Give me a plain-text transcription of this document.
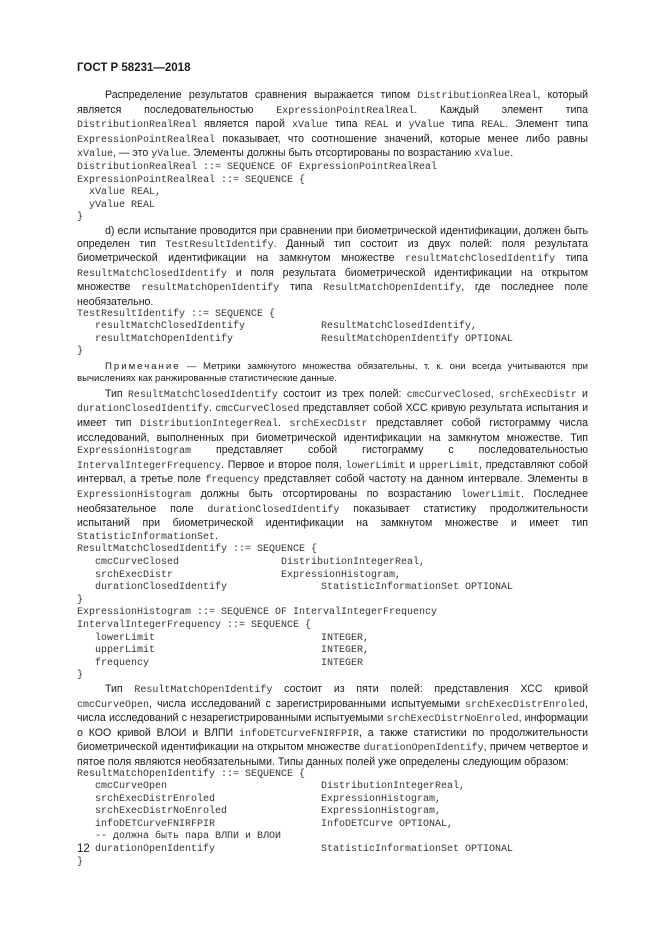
ГОСТ Р 58231—2018

Распределение результатов сравнения выражается типом DistributionRealReal, который является последовательностью ExpressionPointRealReal. Каждый элемент типа DistributionRealReal является парой xValue типа REAL и yValue типа REAL. Элемент типа ExpressionPointRealReal показывает, что соотношение значений, которые менее либо равны xValue, — это yValue. Элементы должны быть отсортированы по возрастанию xValue.

DistributionRealReal ::= SEQUENCE OF ExpressionPointRealReal
ExpressionPointRealReal ::= SEQUENCE {
xValue REAL,
yValue REAL
}

d) если испытание проводится при сравнении при биометрической идентификации, должен быть определен тип TestResultIdentify. Данный тип состоит из двух полей: поля результата биометрической идентификации на замкнутом множестве resultMatchClosedIdentify типа ResultMatchClosedIdentify и поля результата биометрической идентификации на открытом множестве resultMatchOpenIdentify типа ResultMatchOpenIdentify, где последнее поле необязательно.

TestResultIdentify ::= SEQUENCE {
resultMatchClosedIdentify	ResultMatchClosedIdentify,
resultMatchOpenIdentify	ResultMatchOpenIdentify OPTIONAL
}

Примечание — Метрики замкнутого множества обязательны, т. к. они всегда учитываются при вычислениях как ранжированные статистические данные.

Тип ResultMatchClosedIdentify состоит из трех полей: cmcCurveClosed, srchExecDistr и durationClosedIdentify. cmcCurveClosed представляет собой ХСС кривую результата испытания и имеет тип DistributionIntegerReal. srchExecDistr представляет собой гистограмму числа исследований, выполненных при биометрической идентификации на замкнутом множестве. Тип ExpressionHistogram представляет собой гистограмму с последовательностью IntervalIntegerFrequency. Первое и второе поля, lowerLimit и upperLimit, представляют собой интервал, а третье поле frequency представляет собой частоту на данном интервале. Элементы в ExpressionHistogram должны быть отсортированы по возрастанию lowerLimit. Последнее необязательное поле durationClosedIdentify показывает статистику продолжительности испытаний при биометрической идентификации на замкнутом множестве и имеет тип StatisticInformationSet.

ResultMatchClosedIdentify ::= SEQUENCE {
cmcCurveClosed	DistributionIntegerReal,
srchExecDistr	ExpressionHistogram,
durationClosedIdentify	StatisticInformationSet OPTIONAL
}
ExpressionHistogram ::= SEQUENCE OF IntervalIntegerFrequency
IntervalIntegerFrequency ::= SEQUENCE {
lowerLimit	INTEGER,
upperLimit	INTEGER,
frequency	INTEGER
}

Тип ResultMatchOpenIdentify состоит из пяти полей: представления ХСС кривой cmcCurveOpen, числа исследований с зарегистрированными испытуемыми srchExecDistrEnroled, числа исследований с незарегистрированными испытуемыми srchExecDistrNoEnroled, информации о КОО кривой ВЛОИ и ВЛПИ infoDETCurveFNIRFPIR, а также статистики по продолжительности биометрической идентификации на открытом множестве durationOpenIdentify, причем четвертое и пятое поля являются необязательными. Типы данных полей уже определены следующим образом:

ResultMatchOpenIdentify ::= SEQUENCE {
cmcCurveOpen	DistributionIntegerReal,
srchExecDistrEnroled	ExpressionHistogram,
srchExecDistrNoEnroled	ExpressionHistogram,
infoDETCurveFNIRFPIR	InfoDETCurve OPTIONAL,
-- должна быть пара ВЛПИ и ВЛОИ
durationOpenIdentify	StatisticInformationSet OPTIONAL
}
12
